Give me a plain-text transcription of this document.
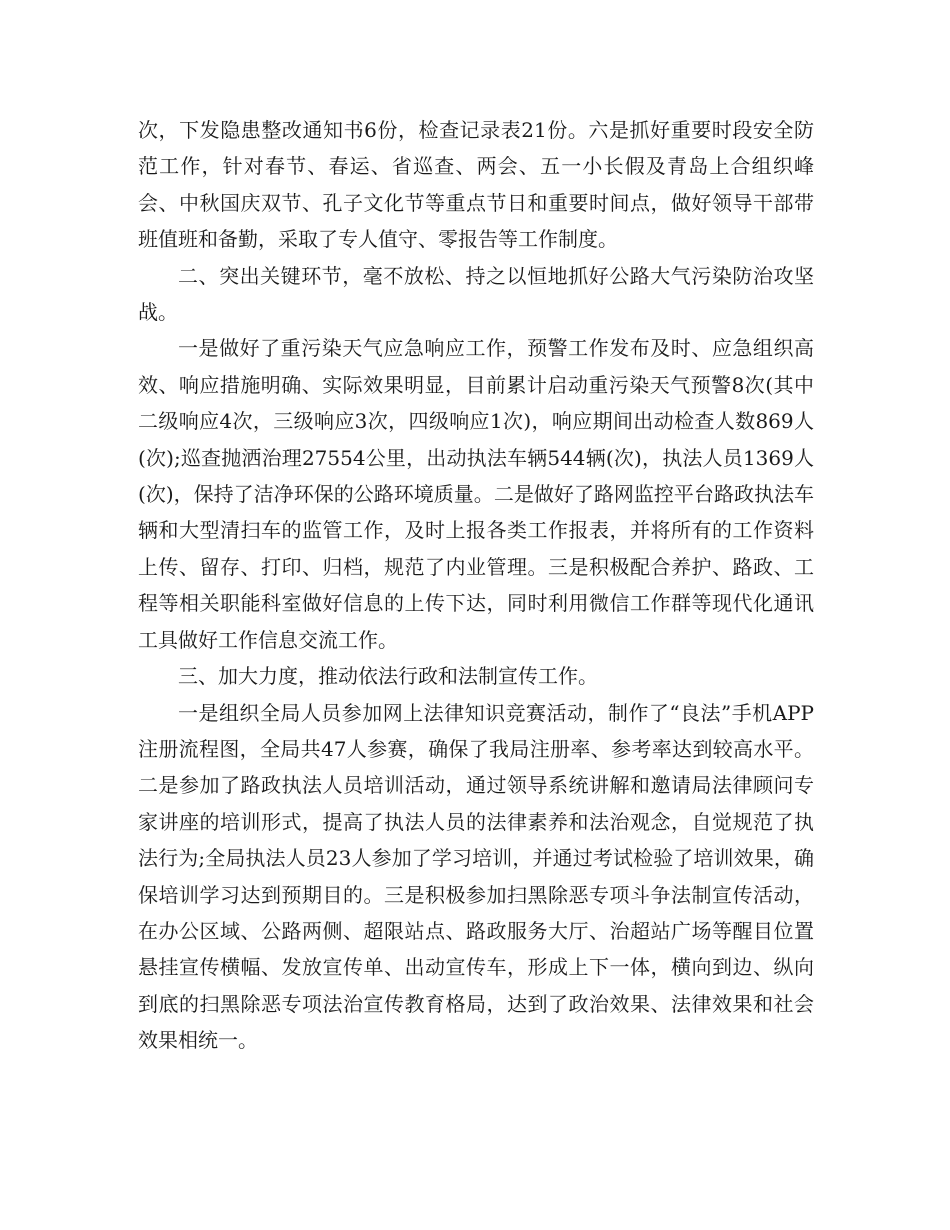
次，下发隐患整改通知书6份，检查记录表21份。六是抓好重要时段安全防范工作，针对春节、春运、省巡查、两会、五一小长假及青岛上合组织峰会、中秋国庆双节、孔子文化节等重点节日和重要时间点，做好领导干部带班值班和备勤，采取了专人值守、零报告等工作制度。

二、突出关键环节，毫不放松、持之以恒地抓好公路大气污染防治攻坚战。

一是做好了重污染天气应急响应工作，预警工作发布及时、应急组织高效、响应措施明确、实际效果明显，目前累计启动重污染天气预警8次(其中二级响应4次，三级响应3次，四级响应1次)，响应期间出动检查人数869人(次);巡查抛洒治理27554公里，出动执法车辆544辆(次)，执法人员1369人(次)，保持了洁净环保的公路环境质量。二是做好了路网监控平台路政执法车辆和大型清扫车的监管工作，及时上报各类工作报表，并将所有的工作资料上传、留存、打印、归档，规范了内业管理。三是积极配合养护、路政、工程等相关职能科室做好信息的上传下达，同时利用微信工作群等现代化通讯工具做好工作信息交流工作。

三、加大力度，推动依法行政和法制宣传工作。

一是组织全局人员参加网上法律知识竞赛活动，制作了“良法”手机APP注册流程图，全局共47人参赛，确保了我局注册率、参考率达到较高水平。二是参加了路政执法人员培训活动，通过领导系统讲解和邀请局法律顾问专家讲座的培训形式，提高了执法人员的法律素养和法治观念，自觉规范了执法行为;全局执法人员23人参加了学习培训，并通过考试检验了培训效果，确保培训学习达到预期目的。三是积极参加扫黑除恶专项斗争法制宣传活动，在办公区域、公路两侧、超限站点、路政服务大厅、治超站广场等醒目位置悬挂宣传横幅、发放宣传单、出动宣传车，形成上下一体，横向到边、纵向到底的扫黑除恶专项法治宣传教育格局，达到了政治效果、法律效果和社会效果相统一。
